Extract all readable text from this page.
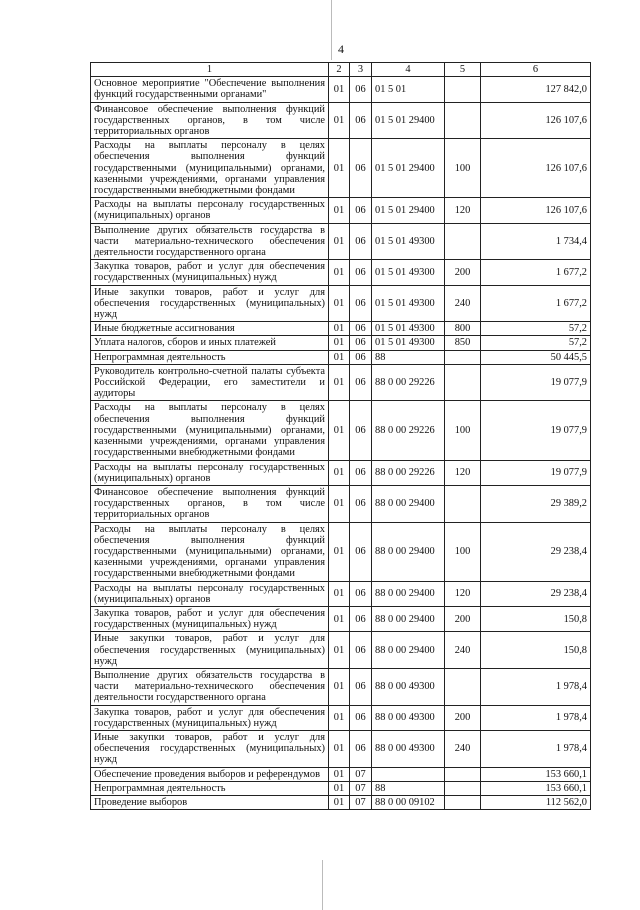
4
1	2	3	4	5	6
Основное мероприятие "Обеспечение выполнения функций государственными органами"	01	06	01 5 01		127 842,0
Финансовое обеспечение выполнения функций государственных органов, в том числе территориальных органов	01	06	01 5 01 29400		126 107,6
Расходы на выплаты персоналу в целях обеспечения выполнения функций государственными (муниципальными) органами, казенными учреждениями, органами управления государственными внебюджетными фондами	01	06	01 5 01 29400	100	126 107,6
Расходы на выплаты персоналу государственных (муниципальных) органов	01	06	01 5 01 29400	120	126 107,6
Выполнение других обязательств государства в части материально-технического обеспечения деятельности государственного органа	01	06	01 5 01 49300		1 734,4
Закупка товаров, работ и услуг для обеспечения государственных (муниципальных) нужд	01	06	01 5 01 49300	200	1 677,2
Иные закупки товаров, работ и услуг для обеспечения государственных (муниципальных) нужд	01	06	01 5 01 49300	240	1 677,2
Иные бюджетные ассигнования	01	06	01 5 01 49300	800	57,2
Уплата налогов, сборов и иных платежей	01	06	01 5 01 49300	850	57,2
Непрограммная деятельность	01	06	88		50 445,5
Руководитель контрольно-счетной палаты субъекта Российской Федерации, его заместители и аудиторы	01	06	88 0 00 29226		19 077,9
Расходы на выплаты персоналу в целях обеспечения выполнения функций государственными (муниципальными) органами, казенными учреждениями, органами управления государственными внебюджетными фондами	01	06	88 0 00 29226	100	19 077,9
Расходы на выплаты персоналу государственных (муниципальных) органов	01	06	88 0 00 29226	120	19 077,9
Финансовое обеспечение выполнения функций государственных органов, в том числе территориальных органов	01	06	88 0 00 29400		29 389,2
Расходы на выплаты персоналу в целях обеспечения выполнения функций государственными (муниципальными) органами, казенными учреждениями, органами управления государственными внебюджетными фондами	01	06	88 0 00 29400	100	29 238,4
Расходы на выплаты персоналу государственных (муниципальных) органов	01	06	88 0 00 29400	120	29 238,4
Закупка товаров, работ и услуг для обеспечения государственных (муниципальных) нужд	01	06	88 0 00 29400	200	150,8
Иные закупки товаров, работ и услуг для обеспечения государственных (муниципальных) нужд	01	06	88 0 00 29400	240	150,8
Выполнение других обязательств государства в части материально-технического обеспечения деятельности государственного органа	01	06	88 0 00 49300		1 978,4
Закупка товаров, работ и услуг для обеспечения государственных (муниципальных) нужд	01	06	88 0 00 49300	200	1 978,4
Иные закупки товаров, работ и услуг для обеспечения государственных (муниципальных) нужд	01	06	88 0 00 49300	240	1 978,4
Обеспечение проведения выборов и референдумов	01	07			153 660,1
Непрограммная деятельность	01	07	88		153 660,1
Проведение выборов	01	07	88 0 00 09102		112 562,0
